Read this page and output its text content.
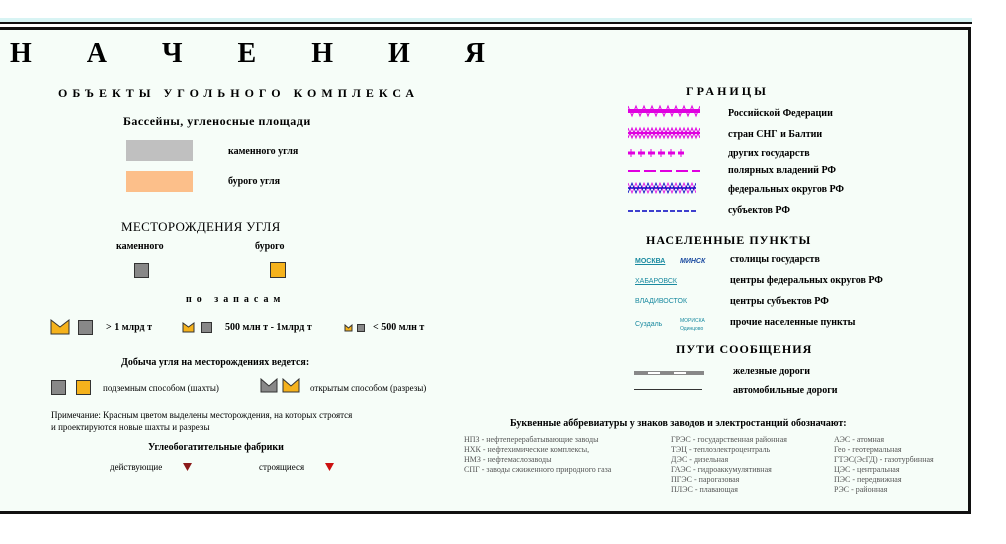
Н А Ч Е Н И Я
ОБЪЕКТЫ УГОЛЬНОГО КОМПЛЕКСА
Бассейны, угленосные площади
каменного угля
бурого угля
МЕСТОРОЖДЕНИЯ УГЛЯ
каменного	бурого
по запасам
> 1 млрд т	500 млн т - 1млрд т	< 500 млн т
Добыча угля на месторождениях ведется:
подземным способом (шахты)	открытым способом (разрезы)
Примечание: Красным цветом выделены месторождения, на которых строятся
и проектируются новые шахты и разрезы
Углеобогатительные фабрики
действующие	строящиеся
ГРАНИЦЫ
Российской Федерации
стран СНГ и Балтии
других государств
полярных владений РФ
федеральных округов РФ
субъектов РФ
НАСЕЛЕННЫЕ ПУНКТЫ
МОСКВА МИНСК столицы государств
ХАБАРОВСК	центры федеральных округов РФ
ВЛАДИВОСТОК	центры субъектов РФ
Суздаль	МОРИСКА
Одинцово
прочие населенные пункты
ПУТИ СООБЩЕНИЯ
железные дороги
автомобильные дороги
Буквенные аббревиатуры у знаков заводов и электростанций обозначают:
НПЗ - нефтеперерабатывающие заводы
НХК - нефтехимические комплексы,
НМЗ - нефтемаслозаводы
СПГ - заводы сжиженного природного газа
ГРЭС - государственная районная
ТЭЦ - теплоэлектроцентраль
ДЭС - дизельная
ГАЭС - гидроаккумулятивная
ПГЭС - парогазовая
ПЛЭС - плавающая
АЭС - атомная
Гео - геотермальная
ГТЭС(ЭсГД) - газотурбинная
ЦЭС - центральная
ПЭС - передвижная
РЭС - районная
